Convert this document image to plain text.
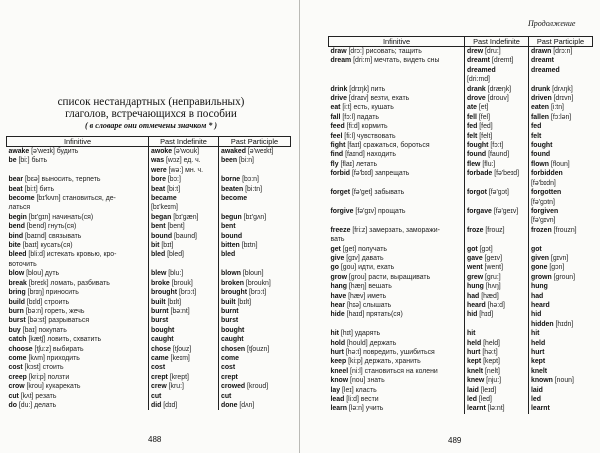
список нестандартных (неправильных)
глаголов, встречающихся в пособии
( в словаре они отмечены значком * )
Infinitive	Past Indefinite	Past Participle
awake [ə'weɪk] будить	awoke [ə'wouk]	awaked [ə'weɪkt]
be [bi:] быть	was [wɔz] ед. ч.	been [bi:n]
	were [wə:] мн. ч.	
bear [bɛə] выносить, терпеть	bore [bɔ:]	borne [bɔ:n]
beat [bi:t] бить	beat [bi:t]	beaten [bi:tn]
become [bɪ'kʌm] становиться, де-	became	become
латься	[bɪ'keɪm]	
begin [bɪ'gɪn] начинать(ся)	began [bɪ'gæn]	begun [bɪ'gʌn]
bend [bend] гнуть(ся)	bent [bent]	bent
bind [baɪnd] связывать	bound [baund]	bound
bite [baɪt] кусать(ся)	bit [bɪt]	bitten [bɪtn]
bleed [bli:d] истекать кровью, кро-	bled [bled]	bled
воточить		
blow [blou] дуть	blew [blu:]	blown [bloun]
break [breɪk] ломать, разбивать	broke [brouk]	broken [broukn]
bring [brɪŋ] приносить	brought [brɔ:t]	brought [brɔ:t]
build [bɪld] строить	built [bɪlt]	built [bɪlt]
burn [bə:n] гореть, жечь	burnt [bə:nt]	burnt
burst [bə:st] разрываться	burst	burst
buy [baɪ] покупать	bought	bought
catch [kætʃ] ловить, схватить	caught	caught
choose [tʃu:z] выбирать	chose [tʃouz]	chosen [tʃouzn]
come [kʌm] приходить	came [keɪm]	come
cost [kɔst] стоить	cost	cost
creep [kri:p] ползти	crept [krept]	crept
crow [krou] кукарекать	crew [kru:]	crowed [kroud]
cut [kʌt] резать	cut	cut
do [du:] делать	did [dɪd]	done [dʌn]
488
Продолжение
Infinitive	Past Indefinite	Past Participle
draw [drɔ:] рисовать; тащить	drew [dru:]	drawn [drɔ:n]
dream [dri:m] мечтать, видеть сны	dreamt [dremt]	dreamt
	dreamed	dreamed
	[dri:md]	
drink [drɪŋk] пить	drank [dræŋk]	drunk [drʌŋk]
drive [draɪv] везти, ехать	drove [drouv]	driven [drɪvn]
eat [i:t] есть, кушать	ate [et]	eaten [i:tn]
fall [fɔ:l] падать	fell [fel]	fallen [fɔ:lən]
feed [fi:d] кормить	fed [fed]	fed
feel [fi:l] чувствовать	felt [felt]	felt
fight [faɪt] сражаться, бороться	fought [fɔ:t]	fought
find [faɪnd] находить	found [faund]	found
fly [flaɪ] летать	flew [flu:]	flown [floun]
forbid [fə'bɪd] запрещать	forbade [fə'beɪd]	forbidden
		[fə'bɪdn]
forget [fə'get] забывать	forgot [fə'gɔt]	forgotten
		[fə'gɔtn]
forgive [fə'gɪv] прощать	forgave [fə'geɪv]	forgiven
		[fə'gɪvn]
freeze [fri:z] замерзать, заморажи-	froze [frouz]	frozen [frouzn]
вать		
get [get] получать	got [gɔt]	got
give [gɪv] давать	gave [geɪv]	given [gɪvn]
go [gou] идти, ехать	went [went]	gone [gɔn]
grow [grou] расти, выращивать	grew [gru:]	grown [groun]
hang [hæŋ] вешать	hung [hʌŋ]	hung
have [hæv] иметь	had [hæd]	had
hear [hɪə] слышать	heard [hə:d]	heard
hide [haɪd] прятать(ся)	hid [hɪd]	hid
		hidden [hɪdn]
hit [hɪt] ударять	hit	hit
hold [hould] держать	held [held]	held
hurt [hə:t] повредить, ушибиться	hurt [hə:t]	hurt
keep [ki:p] держать, хранить	kept [kept]	kept
kneel [ni:l] становиться на колени	knelt [nelt]	knelt
know [nou] знать	knew [nju:]	known [noun]
lay [leɪ] класть	laid [leɪd]	laid
lead [li:d] вести	led [led]	led
learn [lə:n] учить	learnt [lə:nt]	learnt
489
